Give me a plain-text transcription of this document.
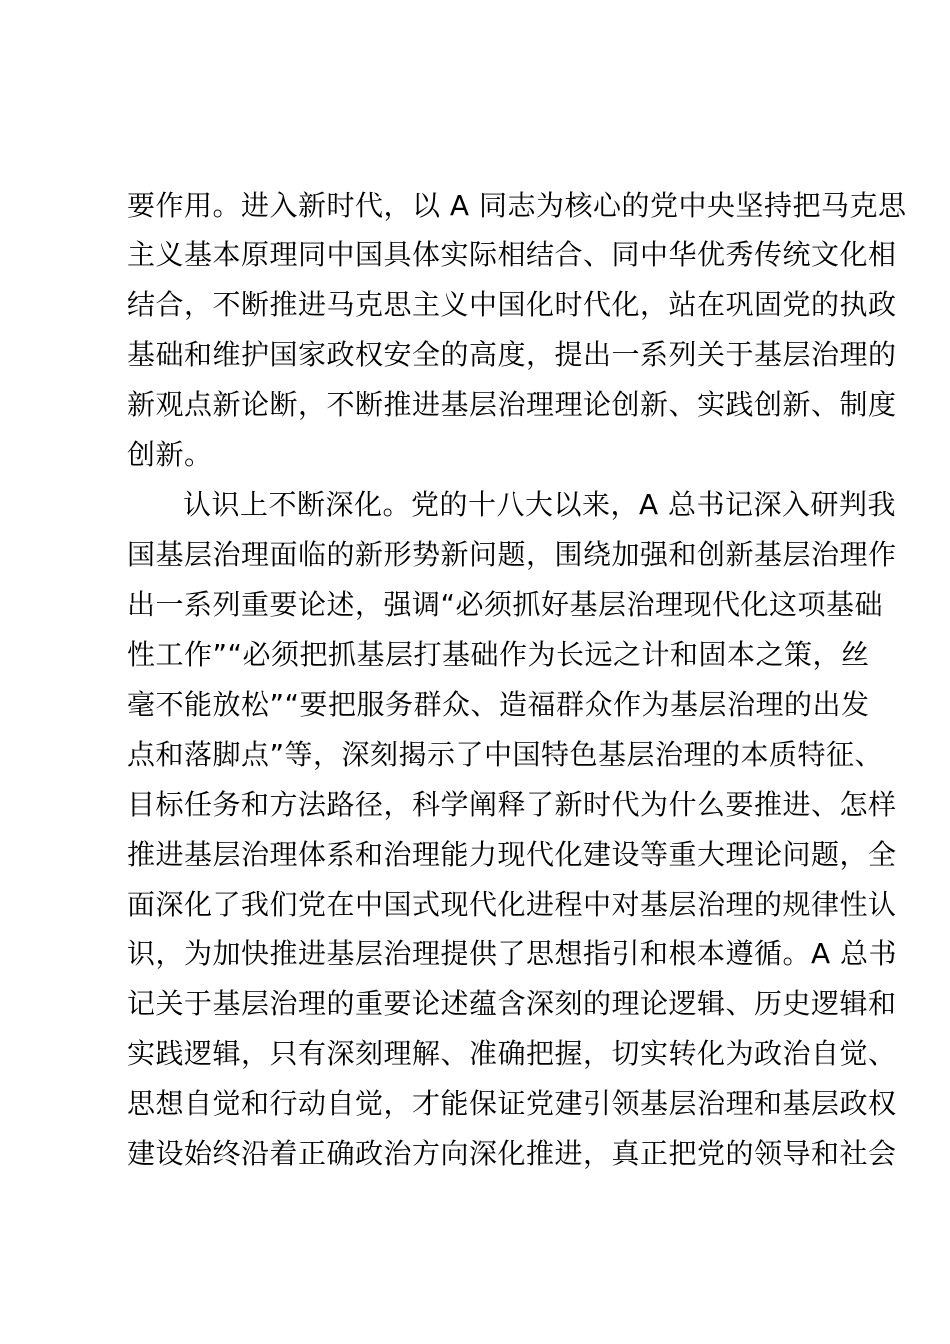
要作用。进入新时代，以 A 同志为核心的党中央坚持把马克思

主义基本原理同中国具体实际相结合、同中华优秀传统文化相

结合，不断推进马克思主义中国化时代化，站在巩固党的执政

基础和维护国家政权安全的高度，提出一系列关于基层治理的

新观点新论断，不断推进基层治理理论创新、实践创新、制度

创新。

认识上不断深化。党的十八大以来，A 总书记深入研判我

国基层治理面临的新形势新问题，围绕加强和创新基层治理作

出一系列重要论述，强调“必须抓好基层治理现代化这项基础

性工作”“必须把抓基层打基础作为长远之计和固本之策，丝

毫不能放松”“要把服务群众、造福群众作为基层治理的出发

点和落脚点”等，深刻揭示了中国特色基层治理的本质特征、

目标任务和方法路径，科学阐释了新时代为什么要推进、怎样

推进基层治理体系和治理能力现代化建设等重大理论问题，全

面深化了我们党在中国式现代化进程中对基层治理的规律性认

识，为加快推进基层治理提供了思想指引和根本遵循。A 总书

记关于基层治理的重要论述蕴含深刻的理论逻辑、历史逻辑和

实践逻辑，只有深刻理解、准确把握，切实转化为政治自觉、

思想自觉和行动自觉，才能保证党建引领基层治理和基层政权

建设始终沿着正确政治方向深化推进，真正把党的领导和社会
